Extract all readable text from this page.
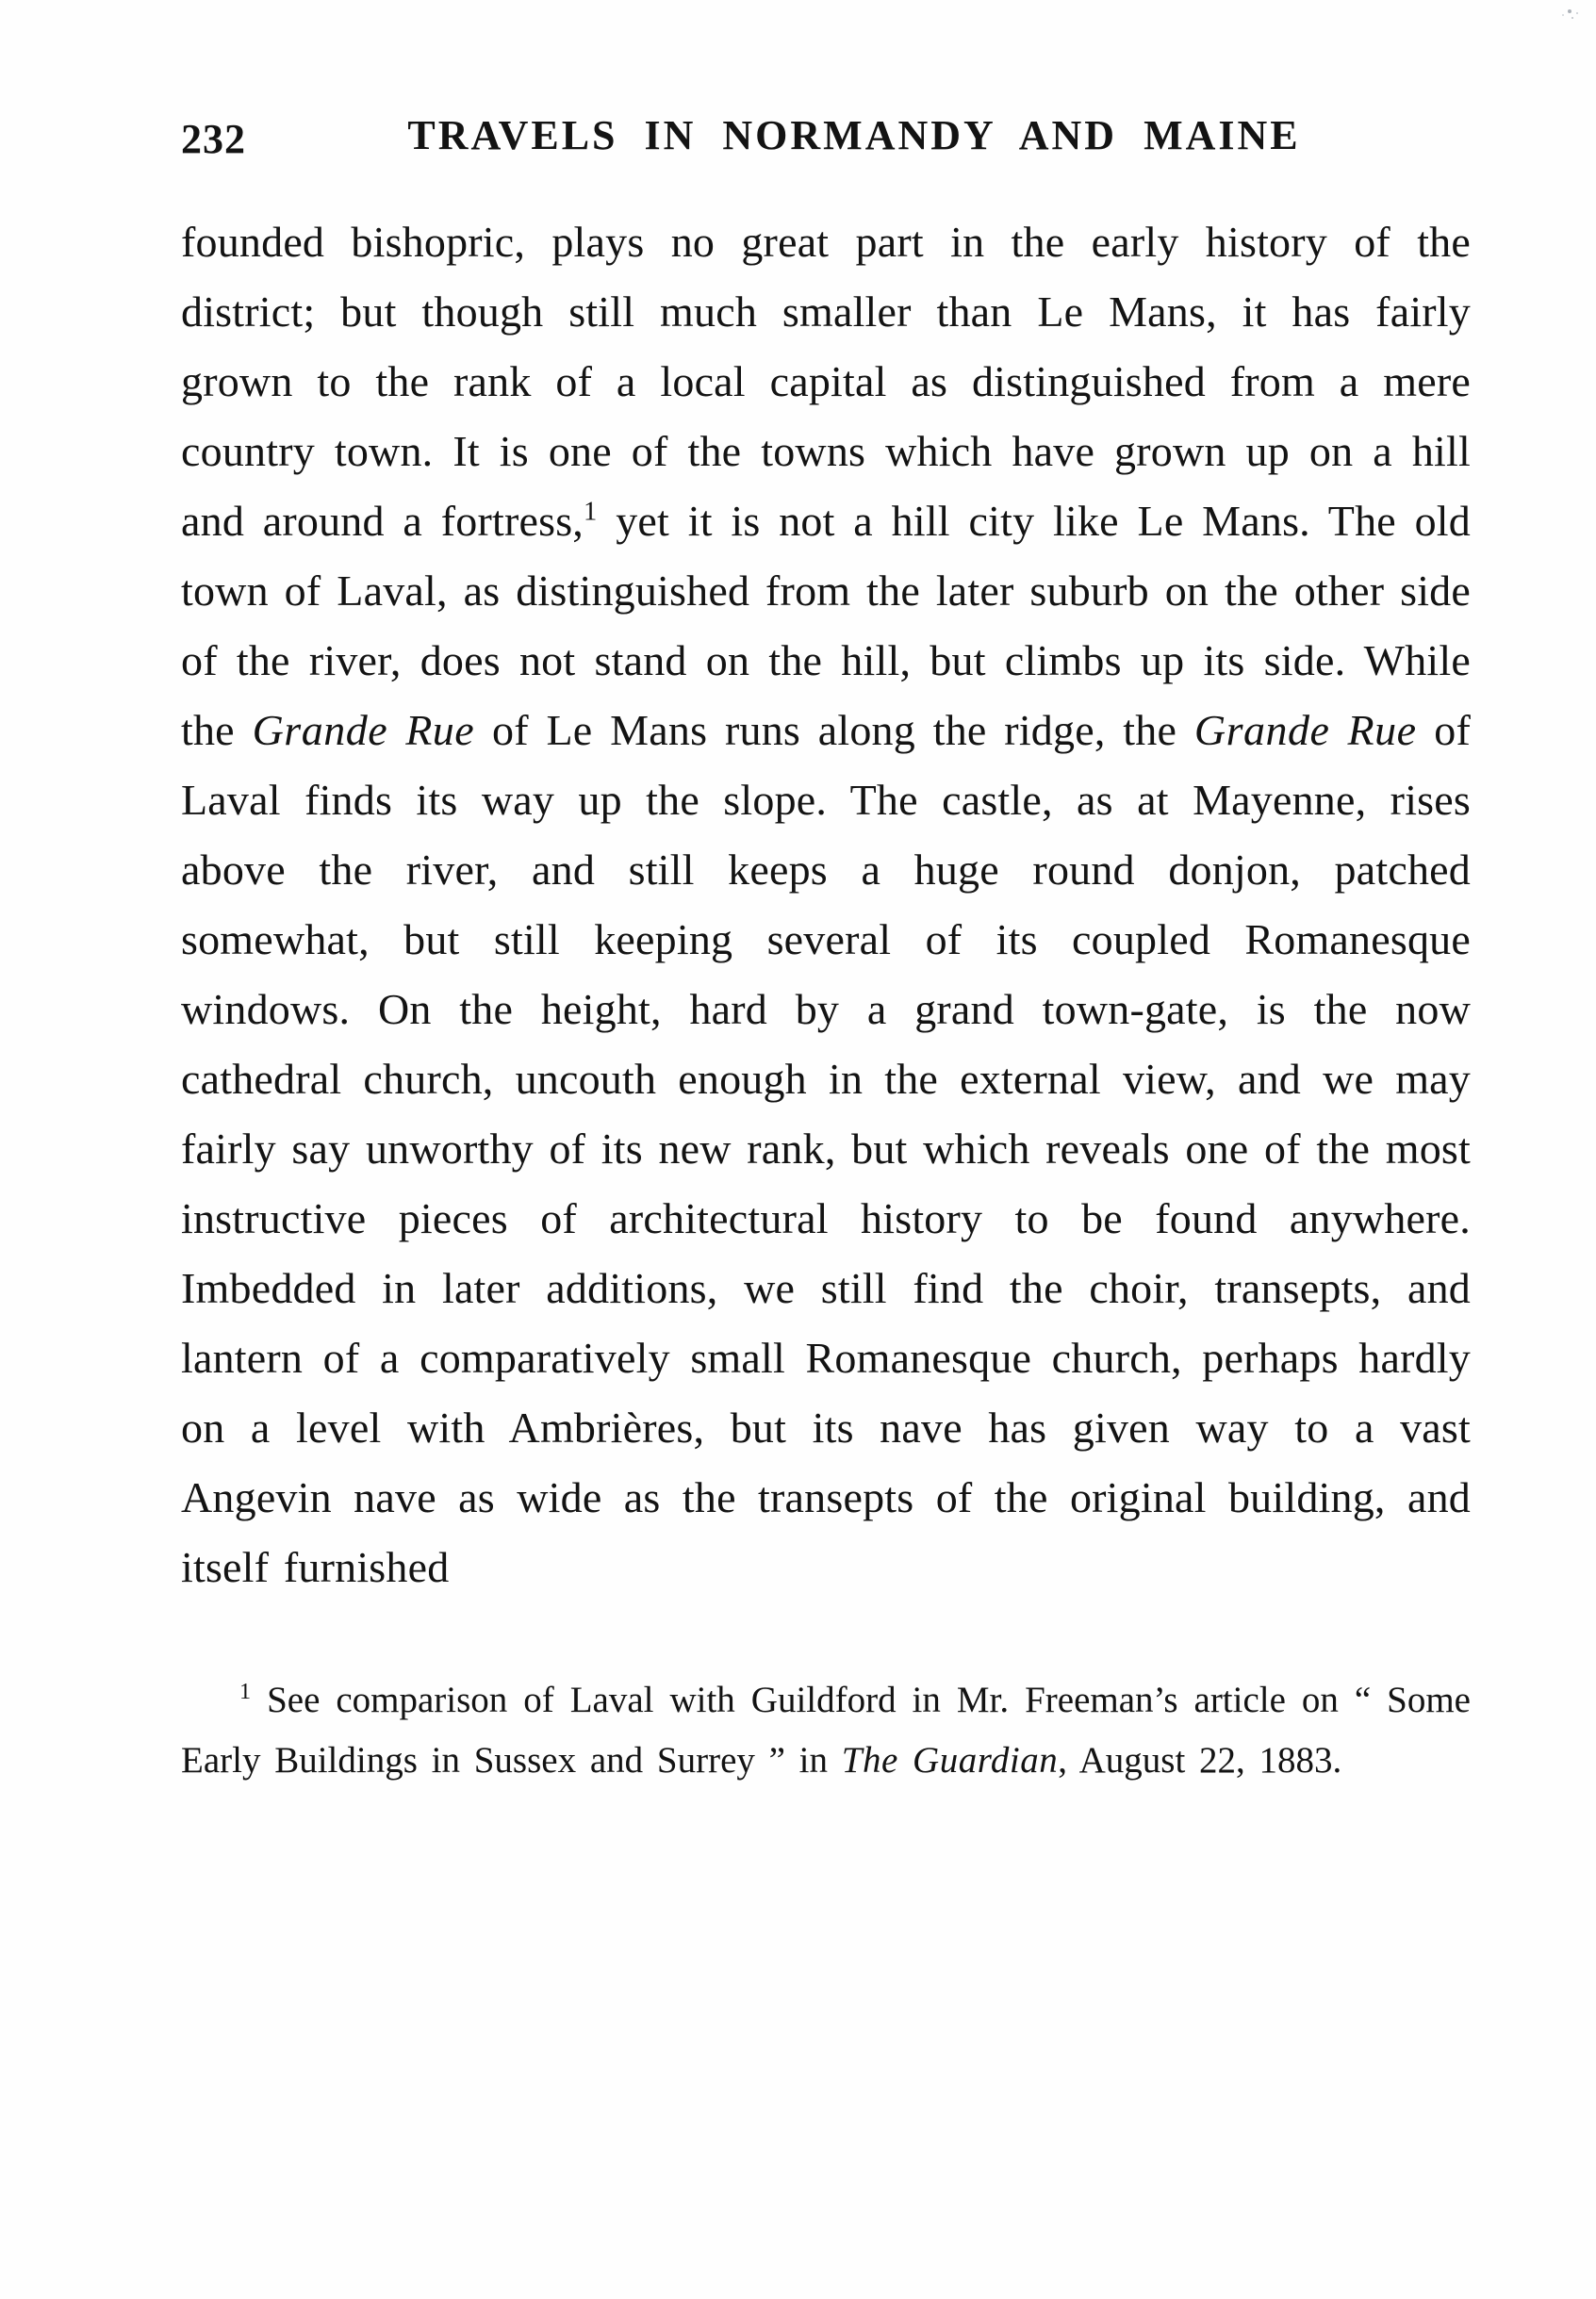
232	TRAVELS IN NORMANDY AND MAINE

founded bishopric, plays no great part in the early history of the district; but though still much smaller than Le Mans, it has fairly grown to the rank of a local capital as distinguished from a mere country town. It is one of the towns which have grown up on a hill and around a fortress,$^1$ yet it is not a hill city like Le Mans. The old town of Laval, as distinguished from the later suburb on the other side of the river, does not stand on the hill, but climbs up its side. While the Grande Rue of Le Mans runs along the ridge, the Grande Rue of Laval finds its way up the slope. The castle, as at Mayenne, rises above the river, and still keeps a huge round donjon, patched somewhat, but still keeping several of its coupled Romanesque windows. On the height, hard by a grand town-gate, is the now cathedral church, uncouth enough in the external view, and we may fairly say unworthy of its new rank, but which reveals one of the most instructive pieces of architectural history to be found anywhere. Imbedded in later additions, we still find the choir, transepts, and lantern of a comparatively small Romanesque church, perhaps hardly on a level with Ambrières, but its nave has given way to a vast Angevin nave as wide as the transepts of the original building, and itself furnished

$^1$ See comparison of Laval with Guildford in Mr. Freeman’s article on “ Some Early Buildings in Sussex and Surrey ” in The Guardian, August 22, 1883.
